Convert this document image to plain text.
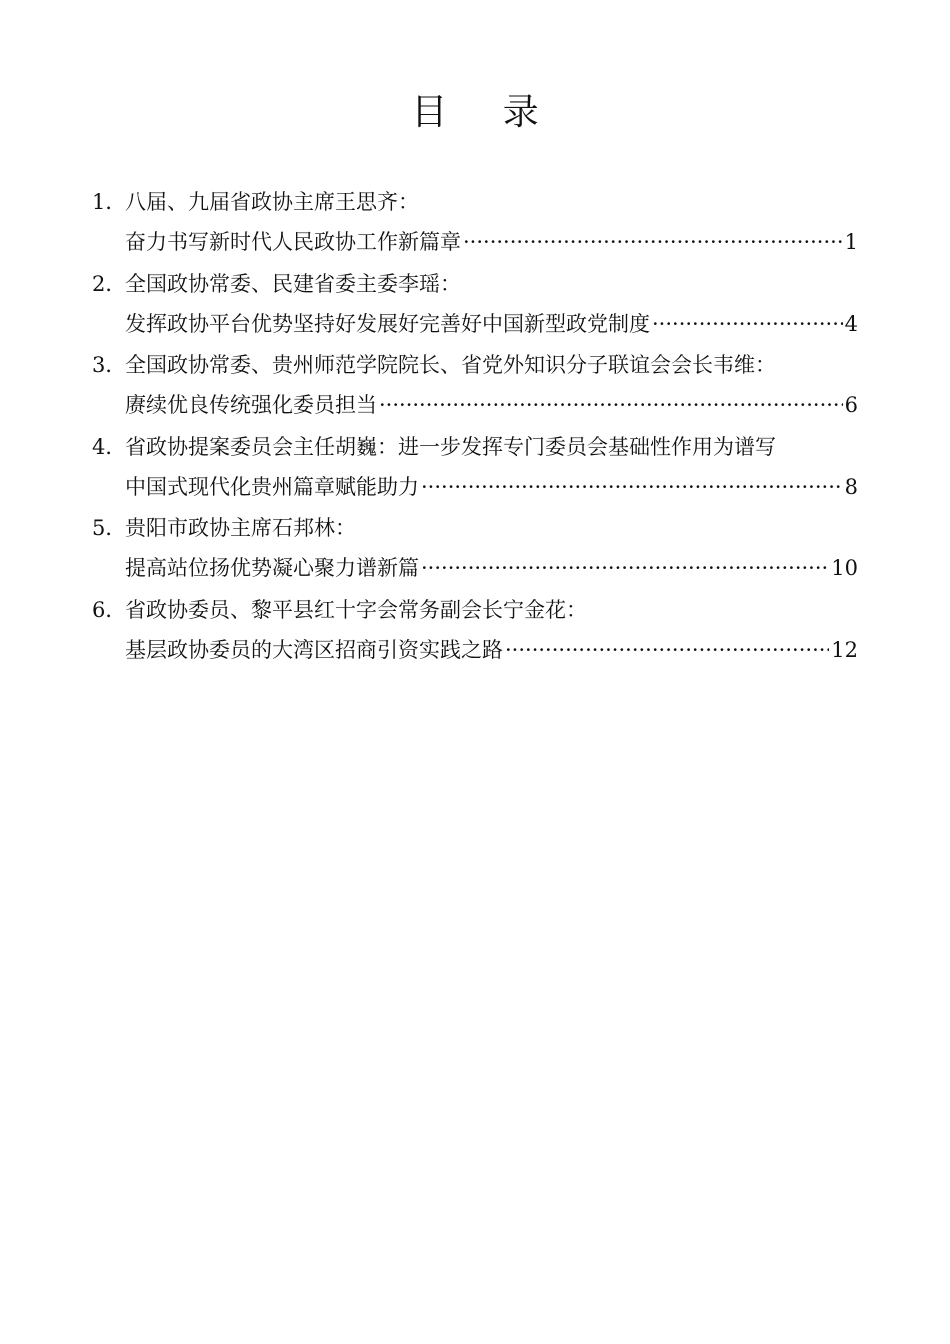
目 录
1．
八届、九届省政协主席王思齐：
奋力书写新时代人民政协工作新篇章 ·····	1
2．
全国政协常委、民建省委主委李瑶：
发挥政协平台优势坚持好发展好完善好中国新型政党制度 ·····	4
3．
全国政协常委、贵州师范学院院长、省党外知识分子联谊会会长韦维：
赓续优良传统强化委员担当 ·····	6
4．
省政协提案委员会主任胡巍：进一步发挥专门委员会基础性作用为谱写
中国式现代化贵州篇章赋能助力 ·····	8
5．
贵阳市政协主席石邦林：
提高站位扬优势凝心聚力谱新篇 ·····	10
6．
省政协委员、黎平县红十字会常务副会长宁金花：
基层政协委员的大湾区招商引资实践之路 ·····	12
